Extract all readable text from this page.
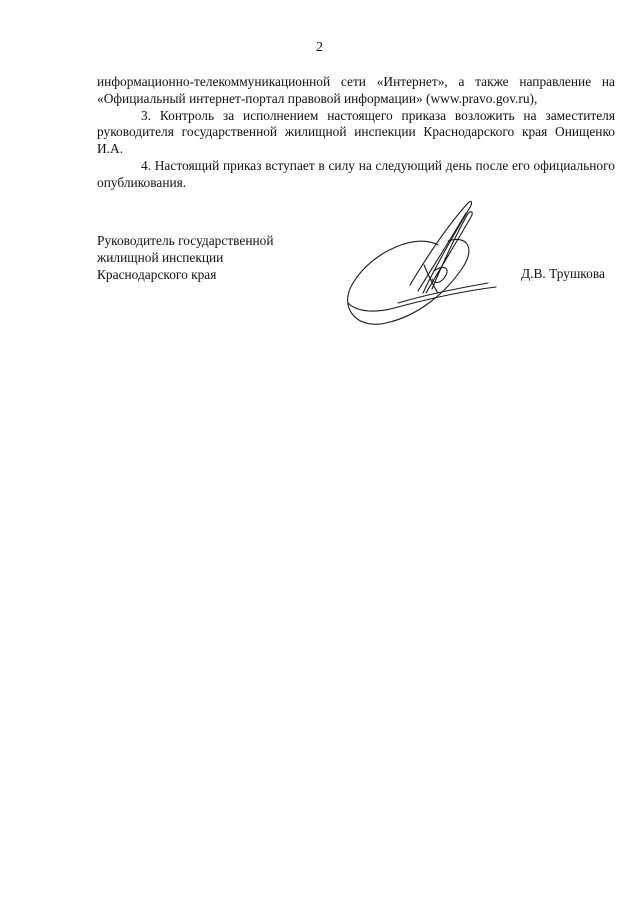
2

информационно-телекоммуникационной сети «Интернет», а также направление на «Официальный интернет-портал правовой информации» (www.pravo.gov.ru),

3. Контроль за исполнением настоящего приказа возложить на заместителя руководителя государственной жилищной инспекции Краснодарского края Онищенко И.А.

4. Настоящий приказ вступает в силу на следующий день после его официального опубликования.

Руководитель государственной
жилищной инспекции
Краснодарского края	Д.В. Трушкова
